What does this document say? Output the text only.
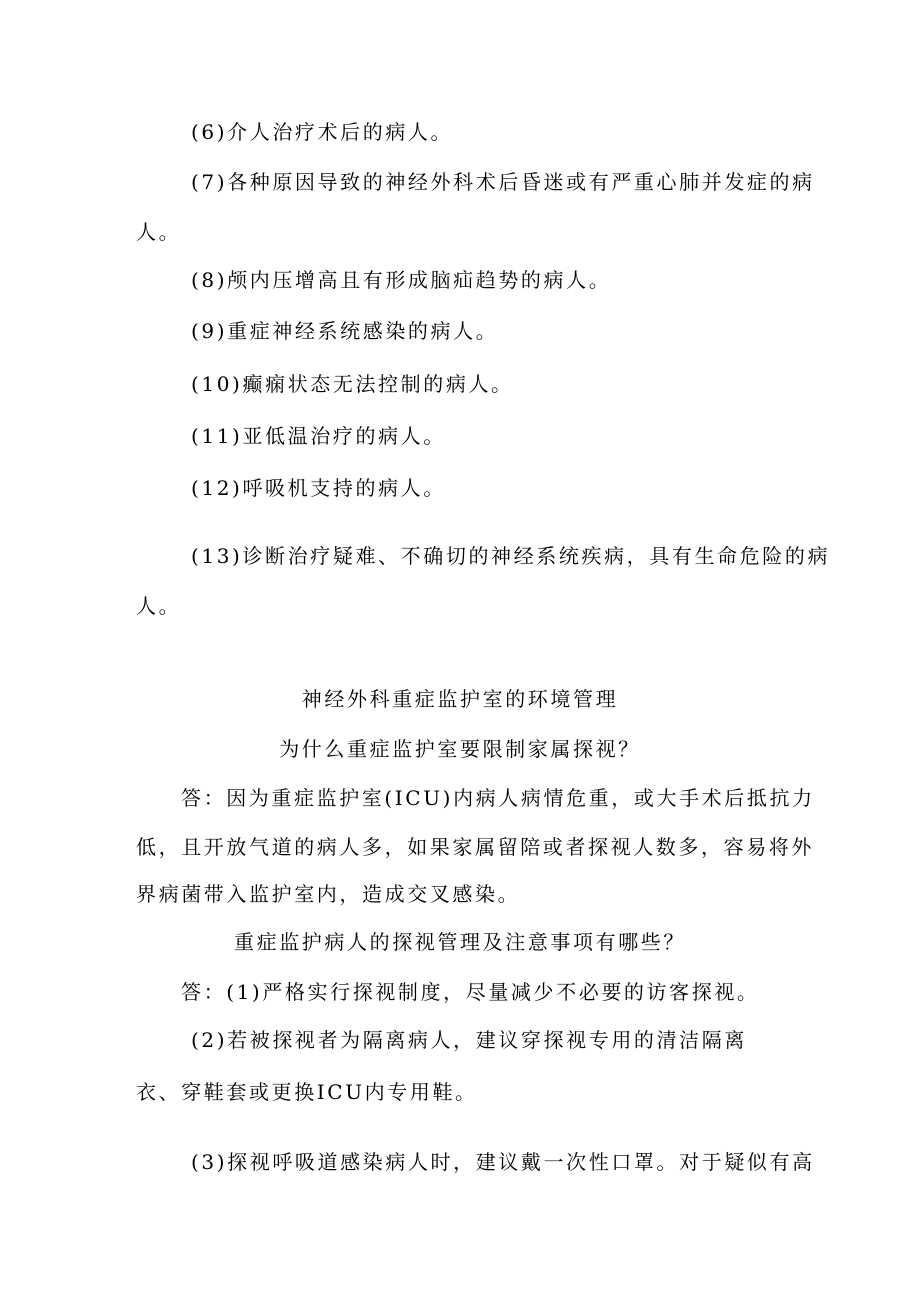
(6)介人治疗术后的病人。
(7)各种原因导致的神经外科术后昏迷或有严重心肺并发症的病
人。
(8)颅内压增高且有形成脑疝趋势的病人。
(9)重症神经系统感染的病人。
(10)癫痫状态无法控制的病人。
(11)亚低温治疗的病人。
(12)呼吸机支持的病人。
(13)诊断治疗疑难、不确切的神经系统疾病，具有生命危险的病
人。
神经外科重症监护室的环境管理
为什么重症监护室要限制家属探视？
答：因为重症监护室(ICU)内病人病情危重，或大手术后抵抗力
低，且开放气道的病人多，如果家属留陪或者探视人数多，容易将外
界病菌带入监护室内，造成交叉感染。
重症监护病人的探视管理及注意事项有哪些？
答：(1)严格实行探视制度，尽量减少不必要的访客探视。
(2)若被探视者为隔离病人，建议穿探视专用的清洁隔离
衣、穿鞋套或更换ICU内专用鞋。
(3)探视呼吸道感染病人时，建议戴一次性口罩。对于疑似有高
